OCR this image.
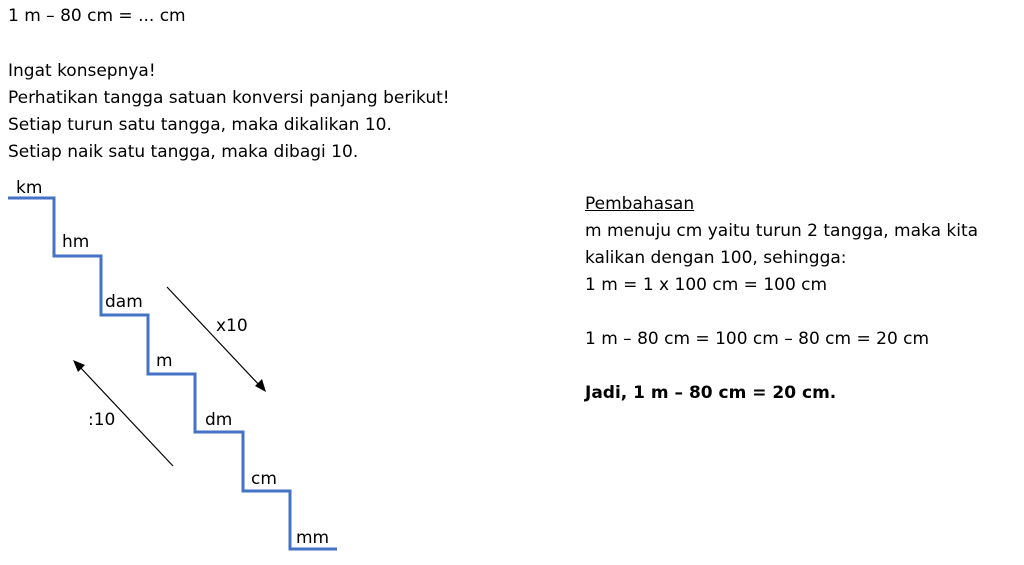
1 m – 80 cm = ... cm
Ingat konsepnya!
Perhatikan tangga satuan konversi panjang berikut!
Setiap turun satu tangga, maka dikalikan 10.
Setiap naik satu tangga, maka dibagi 10.
km
hm
dam
m
dm
cm
mm
x10
:10
Pembahasan
m menuju cm yaitu turun 2 tangga, maka kita
kalikan dengan 100, sehingga:
1 m = 1 x 100 cm = 100 cm
1 m – 80 cm = 100 cm – 80 cm = 20 cm
Jadi, 1 m – 80 cm = 20 cm.
